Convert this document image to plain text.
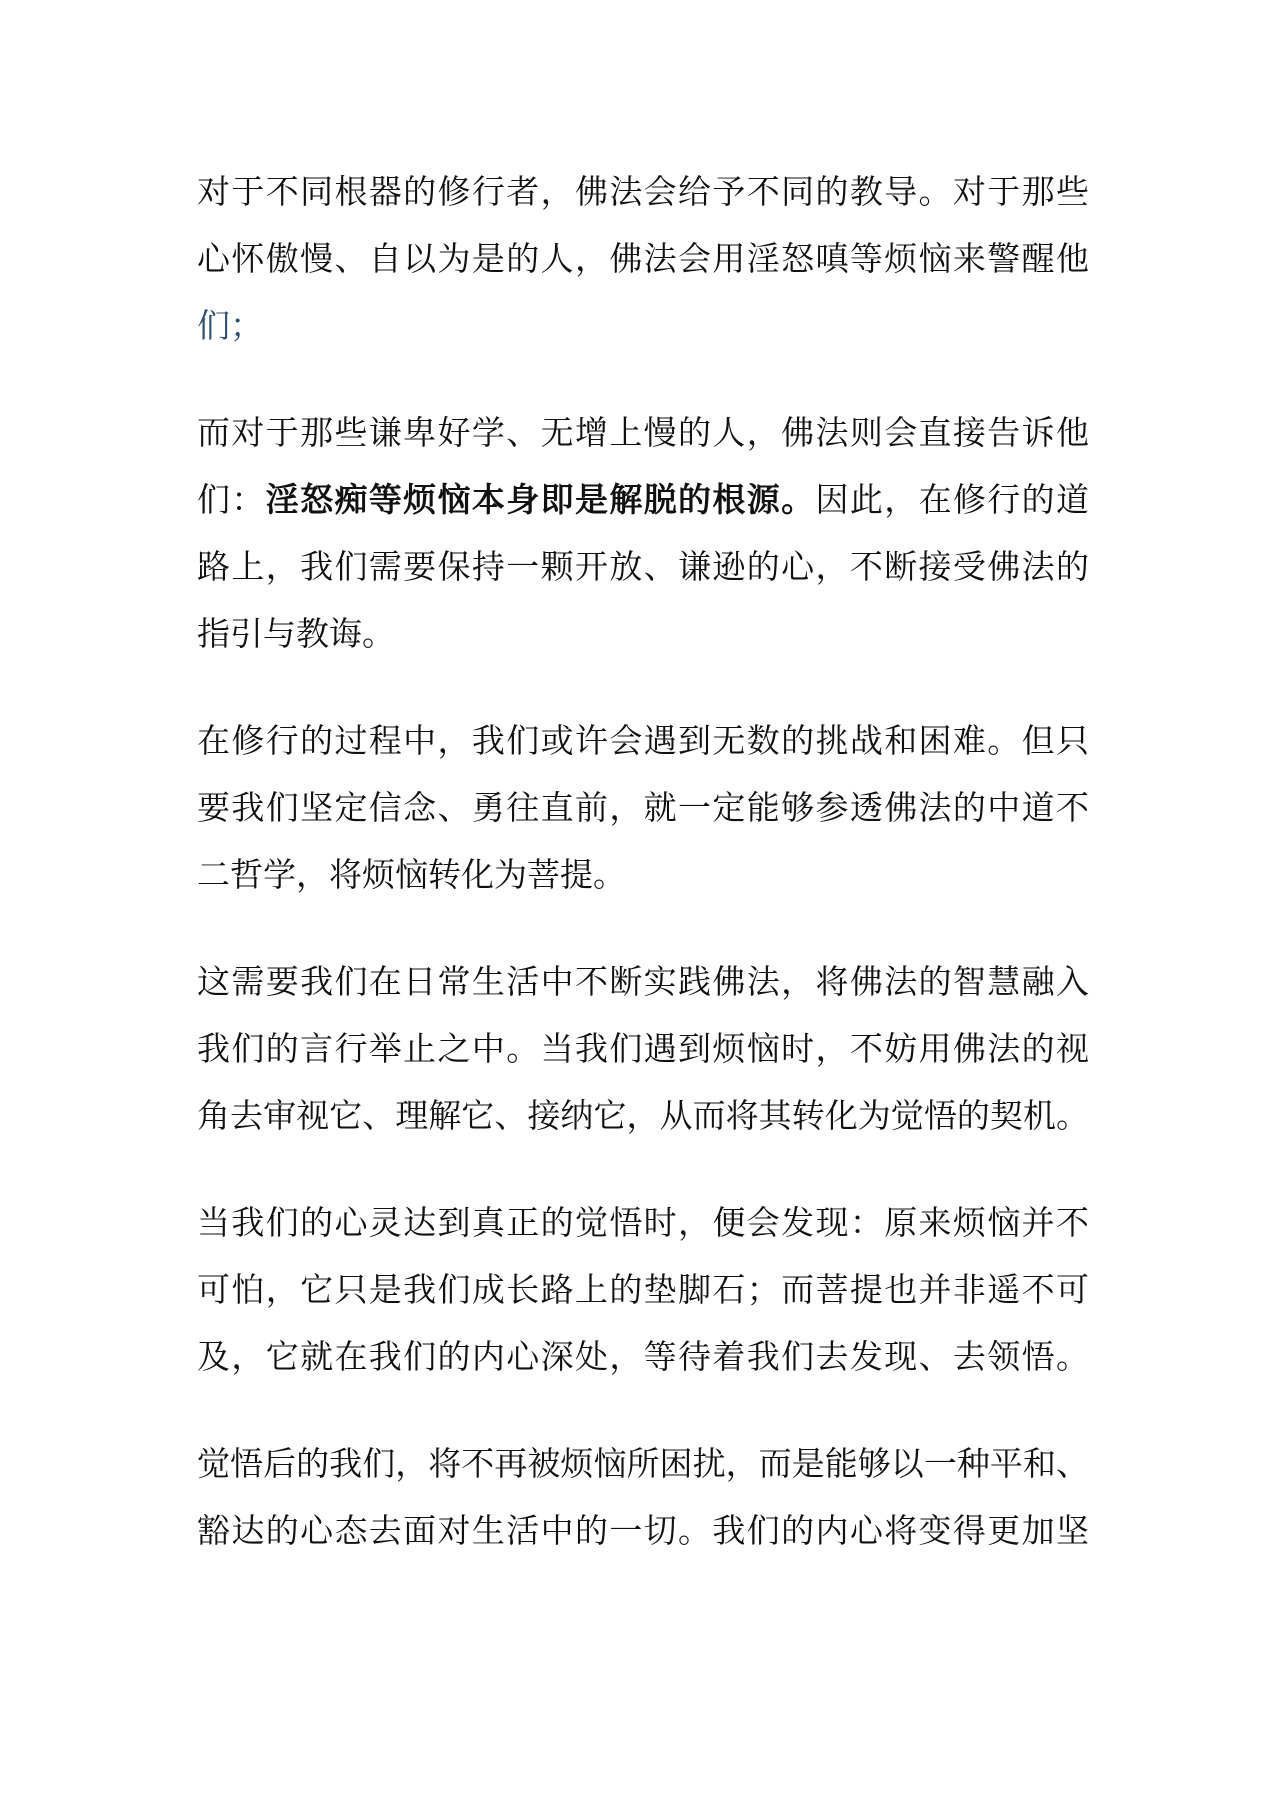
对于不同根器的修行者，佛法会给予不同的教导。对于那些
心怀傲慢、自以为是的人，佛法会用淫怒嗔等烦恼来警醒他
们；
而对于那些谦卑好学、无增上慢的人，佛法则会直接告诉他
们：淫怒痴等烦恼本身即是解脱的根源。因此，在修行的道
路上，我们需要保持一颗开放、谦逊的心，不断接受佛法的
指引与教诲。
在修行的过程中，我们或许会遇到无数的挑战和困难。但只
要我们坚定信念、勇往直前，就一定能够参透佛法的中道不
二哲学，将烦恼转化为菩提。
这需要我们在日常生活中不断实践佛法，将佛法的智慧融入
我们的言行举止之中。当我们遇到烦恼时，不妨用佛法的视
角去审视它、理解它、接纳它，从而将其转化为觉悟的契机。
当我们的心灵达到真正的觉悟时，便会发现：原来烦恼并不
可怕，它只是我们成长路上的垫脚石；而菩提也并非遥不可
及，它就在我们的内心深处，等待着我们去发现、去领悟。
觉悟后的我们，将不再被烦恼所困扰，而是能够以一种平和、
豁达的心态去面对生活中的一切。我们的内心将变得更加坚
